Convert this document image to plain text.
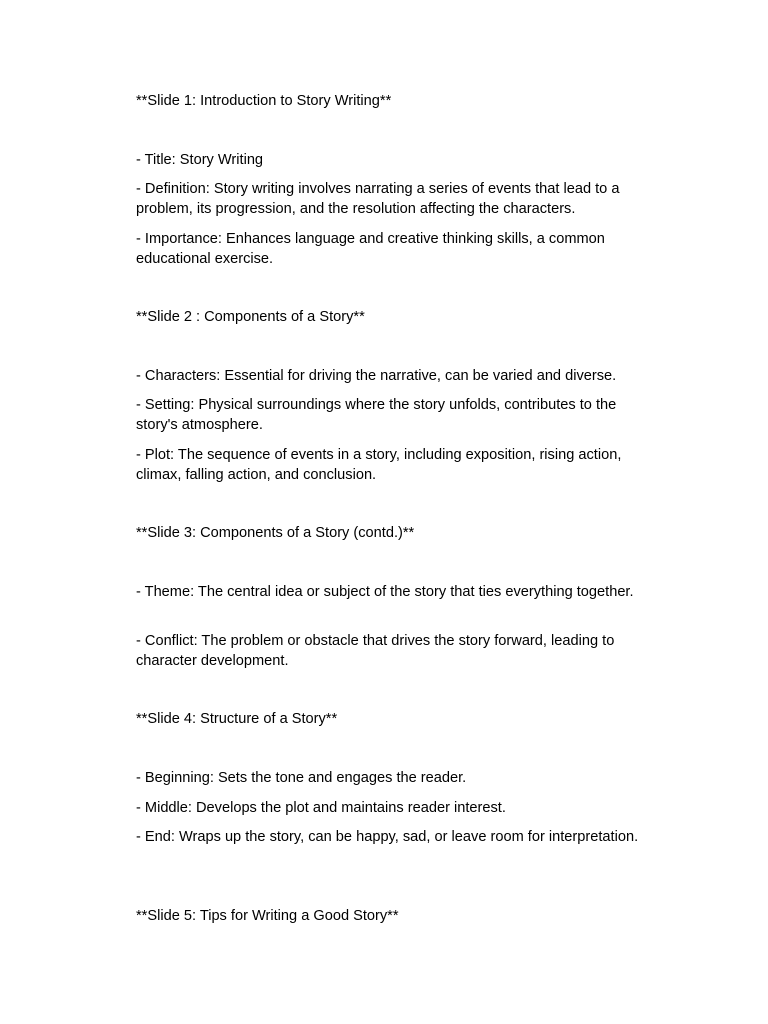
**Slide 1: Introduction to Story Writing**

- Title: Story Writing

- Definition: Story writing involves narrating a series of events that lead to a problem, its progression, and the resolution affecting the characters.

- Importance: Enhances language and creative thinking skills, a common educational exercise.

**Slide 2 : Components of a Story**

- Characters: Essential for driving the narrative, can be varied and diverse.

- Setting: Physical surroundings where the story unfolds, contributes to the story's atmosphere.

- Plot: The sequence of events in a story, including exposition, rising action, climax, falling action, and conclusion.

**Slide 3: Components of a Story (contd.)**

- Theme: The central idea or subject of the story that ties everything together.

- Conflict: The problem or obstacle that drives the story forward, leading to character development.

**Slide 4: Structure of a Story**

- Beginning: Sets the tone and engages the reader.

- Middle: Develops the plot and maintains reader interest.

- End: Wraps up the story, can be happy, sad, or leave room for interpretation.

**Slide 5: Tips for Writing a Good Story**
